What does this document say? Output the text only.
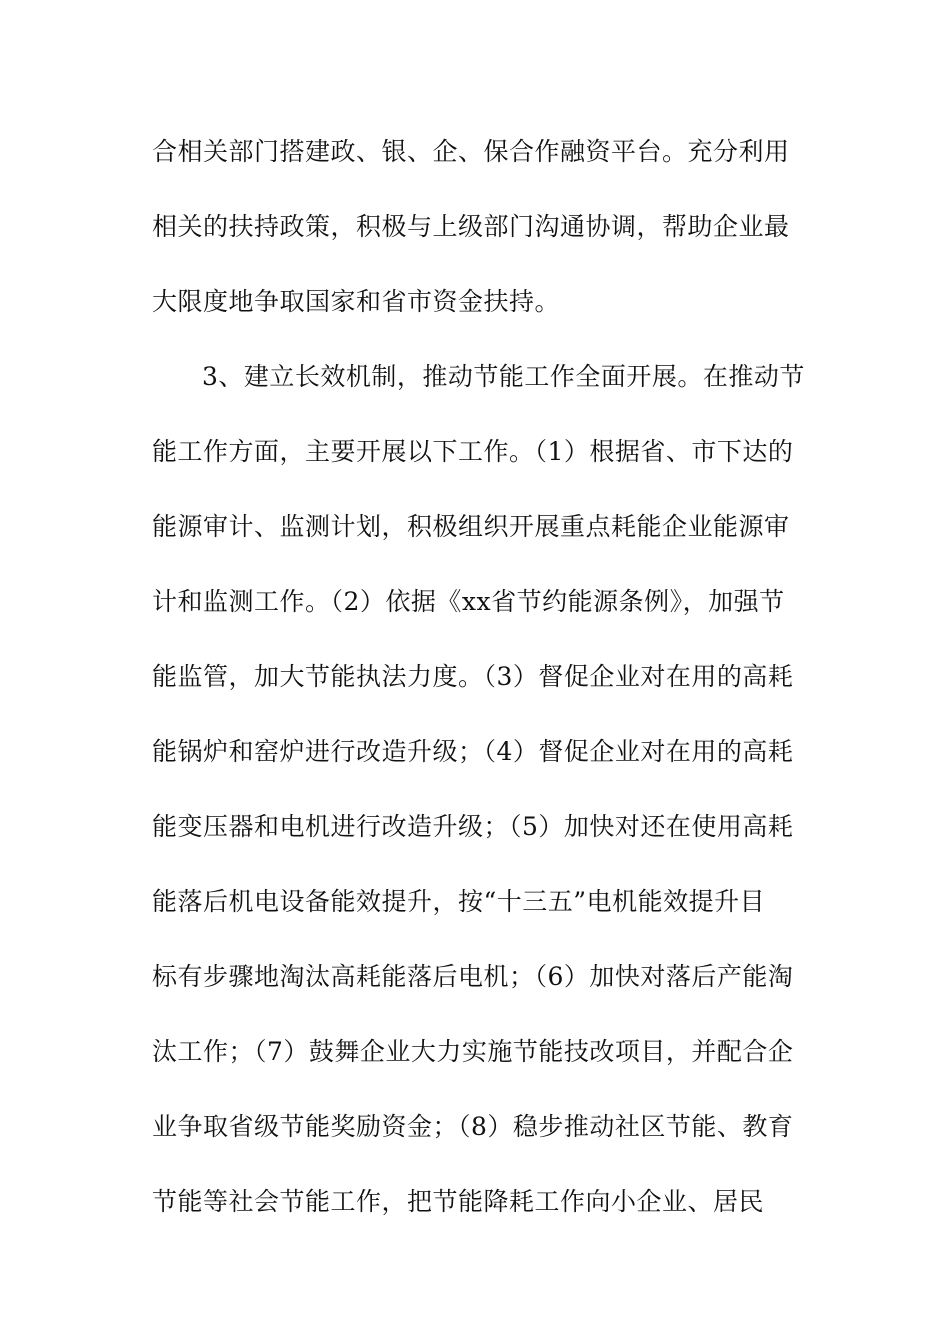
合相关部门搭建政、银、企、保合作融资平台。充分利用
相关的扶持政策，积极与上级部门沟通协调，帮助企业最
大限度地争取国家和省市资金扶持。
3、建立长效机制，推动节能工作全面开展。在推动节
能工作方面，主要开展以下工作。（1）根据省、市下达的
能源审计、监测计划，积极组织开展重点耗能企业能源审
计和监测工作。（2）依据《xx省节约能源条例》，加强节
能监管，加大节能执法力度。（3）督促企业对在用的高耗
能锅炉和窑炉进行改造升级；（4）督促企业对在用的高耗
能变压器和电机进行改造升级；（5）加快对还在使用高耗
能落后机电设备能效提升，按“十三五”电机能效提升目
标有步骤地淘汰高耗能落后电机；（6）加快对落后产能淘
汰工作；（7）鼓舞企业大力实施节能技改项目，并配合企
业争取省级节能奖励资金；（8）稳步推动社区节能、教育
节能等社会节能工作，把节能降耗工作向小企业、居民
